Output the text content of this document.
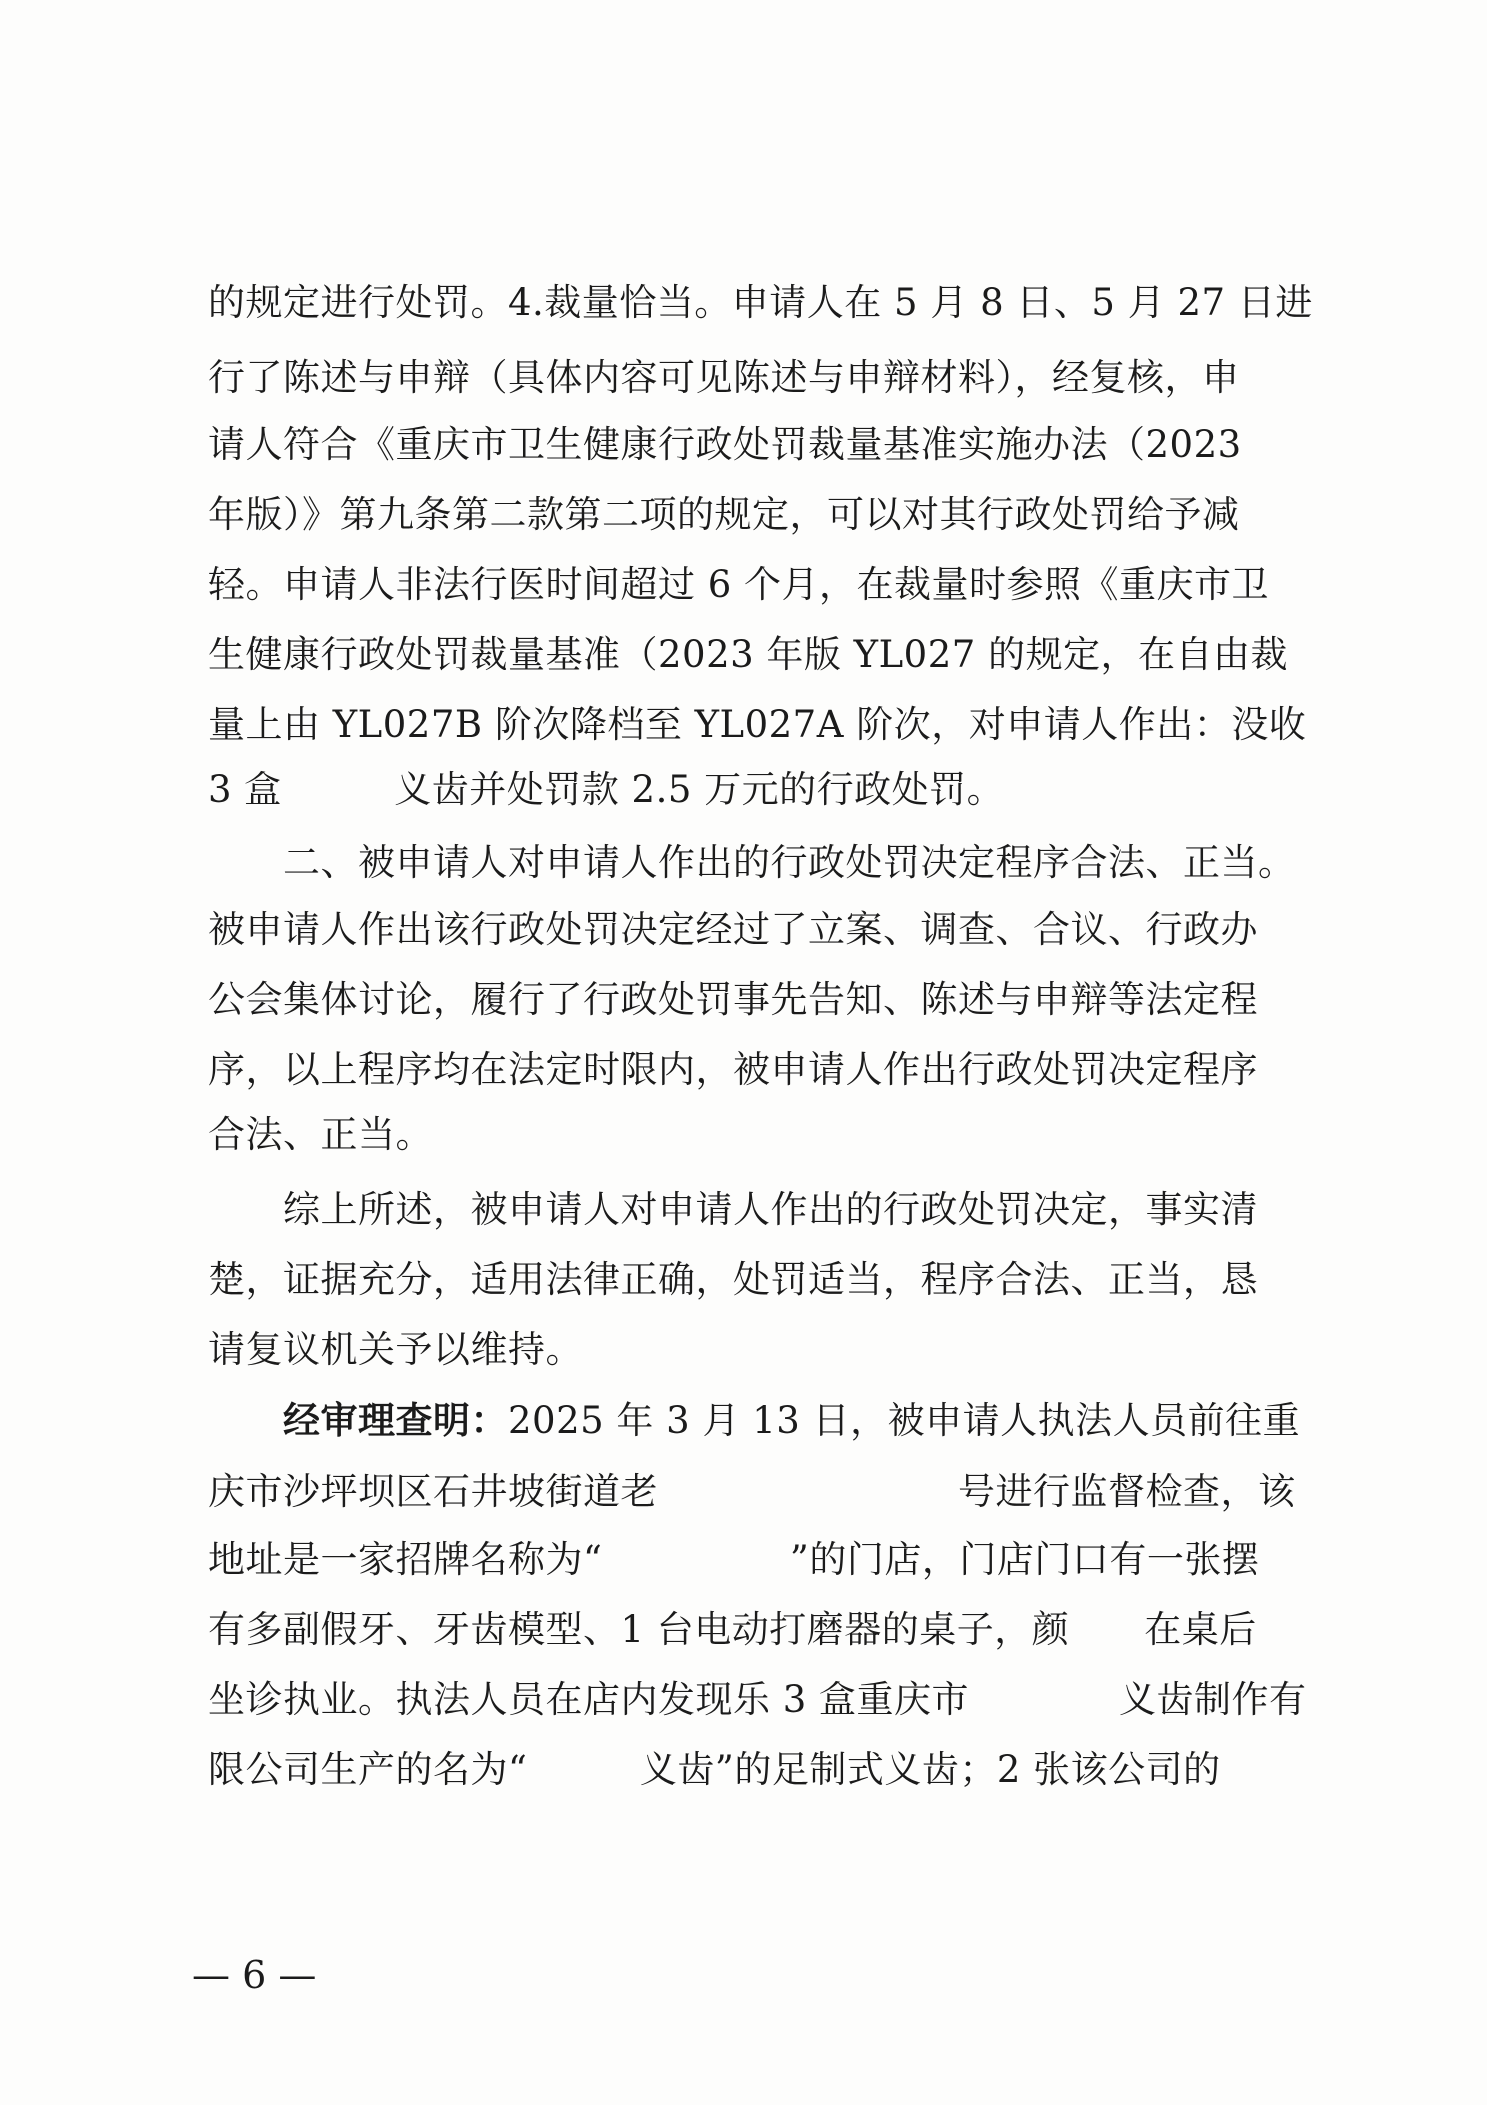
的规定进行处罚。4.裁量恰当。申请人在 5 月 8 日、5 月 27 日进
行了陈述与申辩（具体内容可见陈述与申辩材料），经复核，申
请人符合《重庆市卫生健康行政处罚裁量基准实施办法（2023
年版）》第九条第二款第二项的规定，可以对其行政处罚给予减
轻。申请人非法行医时间超过 6 个月，在裁量时参照《重庆市卫
生健康行政处罚裁量基准（2023 年版 YL027 的规定，在自由裁
量上由 YL027B 阶次降档至 YL027A 阶次，对申请人作出：没收
3 盒　　　义齿并处罚款 2.5 万元的行政处罚。
　　二、被申请人对申请人作出的行政处罚决定程序合法、正当。
被申请人作出该行政处罚决定经过了立案、调查、合议、行政办
公会集体讨论，履行了行政处罚事先告知、陈述与申辩等法定程
序，以上程序均在法定时限内，被申请人作出行政处罚决定程序
合法、正当。
　　综上所述，被申请人对申请人作出的行政处罚决定，事实清
楚，证据充分，适用法律正确，处罚适当，程序合法、正当，恳
请复议机关予以维持。
　　经审理查明：2025 年 3 月 13 日，被申请人执法人员前往重
庆市沙坪坝区石井坡街道老　　　　　　　　号进行监督检查，该
地址是一家招牌名称为“　　　　　”的门店，门店门口有一张摆
有多副假牙、牙齿模型、1 台电动打磨器的桌子，颜　　在桌后
坐诊执业。执法人员在店内发现乐 3 盒重庆市　　　　义齿制作有
限公司生产的名为“　　　义齿”的足制式义齿；2 张该公司的
— 6 —
